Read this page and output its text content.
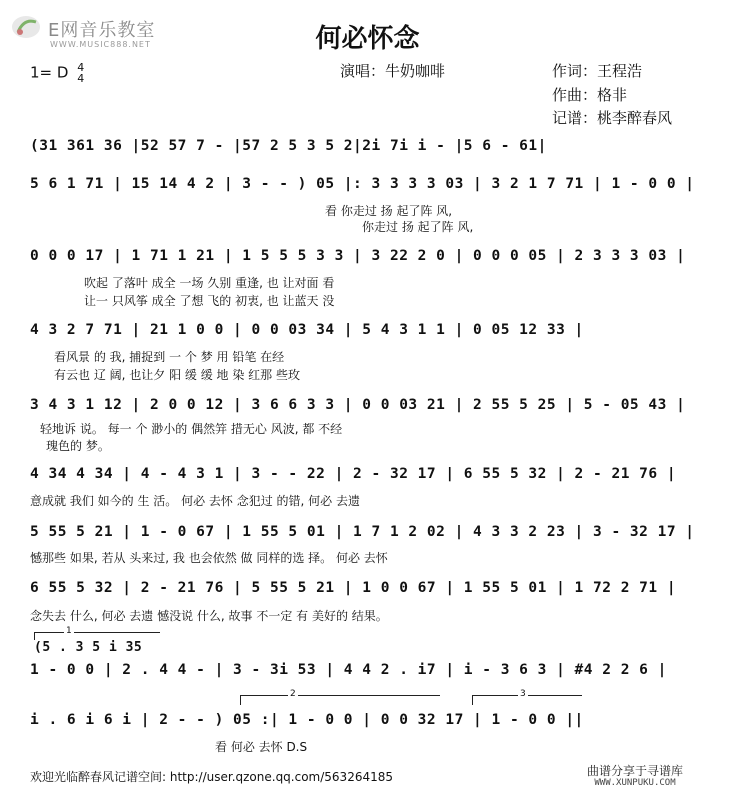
E网音乐教室
WWW.MUSIC888.NET	何必怀念
演唱：牛奶咖啡	作词：王程浩
作曲：格非
记谱：桃李醉春风
1= D 4
4
(31 361 36 |52 57 7 - |57 2 5 3 5 2|2i 7i i - |5 6 - 61|
5 6 1 71 | 15 14 4 2 | 3 - - ) 05 |: 3 3 3 3 03 | 3 2 1 7 71 | 1 - 0 0 |
看 你走过 扬 起了阵 风,
你走过 扬 起了阵 风,
0 0 0 17 | 1 71 1 21 | 1 5 5 5 3 3 | 3 22 2 0 | 0 0 0 05 | 2 3 3 3 03 |
吹起 了落叶 成全 一场 久别 重逢, 也 让对面 看
让一 只风筝 成全 了想 飞的 初衷, 也 让蓝天 没
4 3 2 7 71 | 21 1 0 0 | 0 0 03 34 | 5 4 3 1 1 | 0 05 12 33 |
看风景 的 我, 捕捉到 一 个 梦 用 铅笔 在经
有云也 辽 阔, 也让夕 阳 缓 缓 地 染 红那 些玫
3 4 3 1 12 | 2 0 0 12 | 3 6 6 3 3 | 0 0 03 21 | 2 55 5 25 | 5 - 05 43 |
轻地诉 说。 每一 个 渺小的 偶然笄 措无心 风波, 都 不经
瑰色的 梦。
4 34 4 34 | 4 - 4 3 1 | 3 - - 22 | 2 - 32 17 | 6 55 5 32 | 2 - 21 76 |
意成就 我们 如今的 生 活。 何必 去怀 念犯过 的错, 何必 去遗
5 55 5 21 | 1 - 0 67 | 1 55 5 01 | 1 7 1 2 02 | 4 3 3 2 23 | 3 - 32 17 |
憾那些 如果, 若从 头来过, 我 也会依然 做 同样的选 择。 何必 去怀
6 55 5 32 | 2 - 21 76 | 5 55 5 21 | 1 0 0 67 | 1 55 5 01 | 1 72 2 71 |
念失去 什么, 何必 去遗 憾没说 什么, 故事 不一定 有 美好的 结果。
1
(5 . 3 5 i 35
1 - 0 0 | 2 . 4 4 - | 3 - 3i 53 | 4 4 2 . i7 | i - 3 6 3 | #4 2 2 6 |
2	3
i . 6 i 6 i | 2 - - ) 05 :| 1 - 0 0 | 0 0 32 17 | 1 - 0 0 ||
看 何必 去怀 D.S
欢迎光临醉春风记谱空间: http://user.qzone.qq.com/563264185	曲谱分享于寻谱库
WWW.XUNPUKU.COM
